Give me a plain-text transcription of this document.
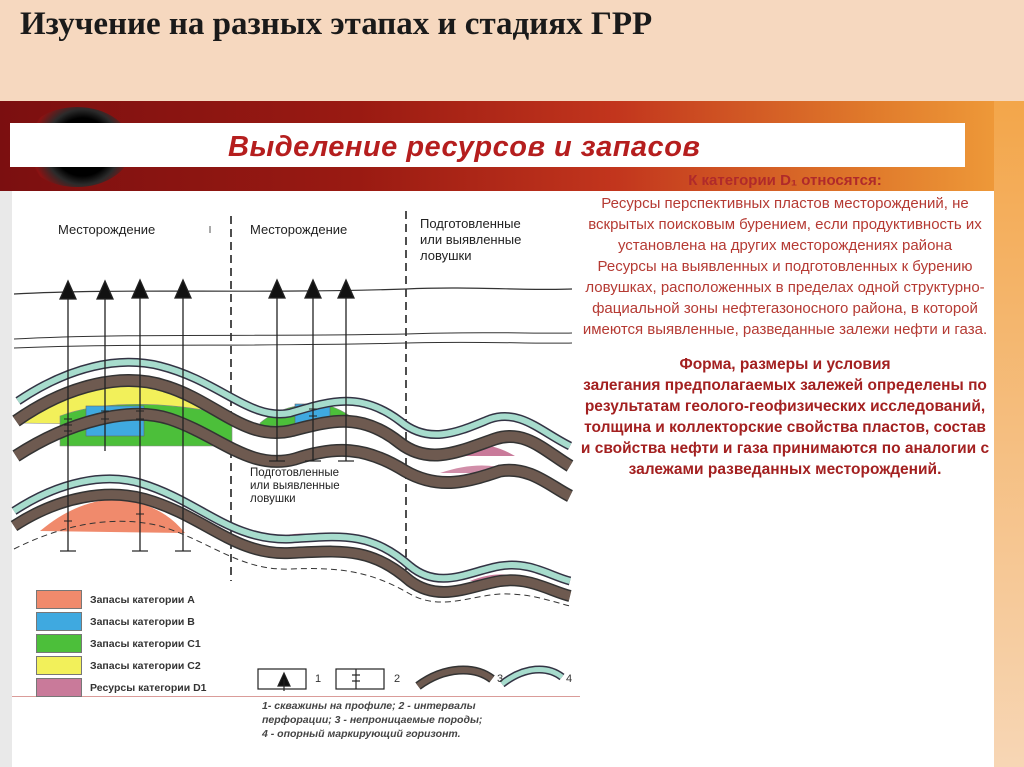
Изучение на разных этапах и стадиях ГРР
Выделение ресурсов и запасов
Месторождение	Месторождение	Подготовленные или выявленные ловушки
Подготовленные или выявленные ловушки
1	2	3	4
Запасы категории А
Запасы категории В
Запасы категории С1
Запасы категории С2
Ресурсы категории D1
1- скважины на профиле; 2 - интервалы
перфорации; 3 - непроницаемые породы;
4 - опорный маркирующий горизонт.
К категории D₁ относятся:
Ресурсы перспективных пластов месторождений, не вскрытых поисковым бурением, если продуктивность их установлена на других месторождениях района
Ресурсы на выявленных и подготовленных к бурению ловушках, расположенных в пределах одной структурно-фациальной зоны нефтегазоносного района, в которой имеются выявленные, разведанные залежи нефти и газа.
Форма, размеры и условия
залегания предполагаемых залежей определены по результатам геолого-геофизических исследований, толщина и коллекторские свойства пластов, состав и свойства нефти и газа принимаются по аналогии с залежами разведанных месторождений.
